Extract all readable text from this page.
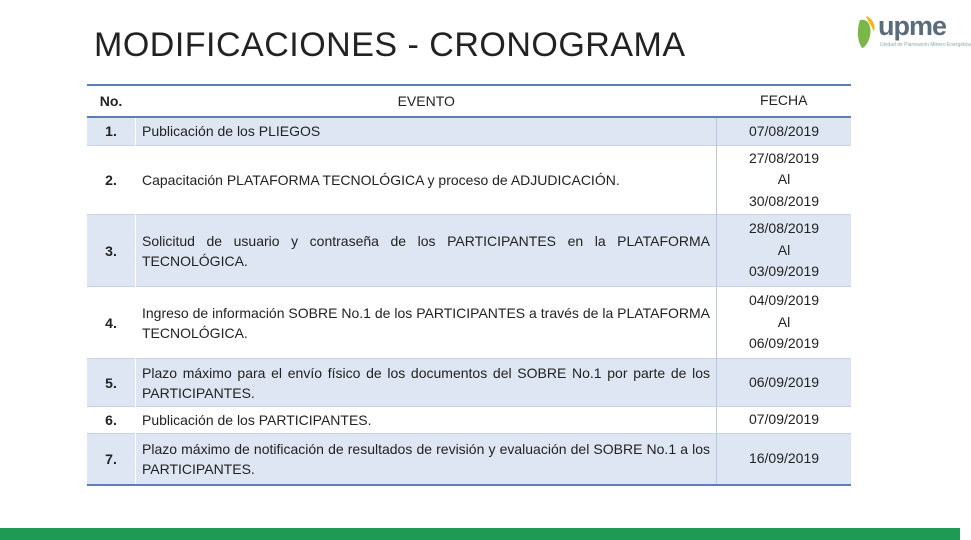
MODIFICACIONES - CRONOGRAMA	upme
Unidad de Planeación Minero Energética
No.	EVENTO	FECHA
1.	Publicación de los PLIEGOS	07/08/2019

2.	Capacitación PLATAFORMA TECNOLÓGICA y proceso de ADJUDICACIÓN.	27/08/2019
Al
30/08/2019

3.	Solicitud de usuario y contraseña de los PARTICIPANTES en la PLATAFORMA TECNOLÓGICA.	28/08/2019
Al
03/09/2019

4.	Ingreso de información SOBRE No.1 de los PARTICIPANTES a través de la PLATAFORMA TECNOLÓGICA.	04/09/2019
Al
06/09/2019

5.	Plazo máximo para el envío físico de los documentos del SOBRE No.1 por parte de los PARTICIPANTES.	06/09/2019

6.	Publicación de los PARTICIPANTES.	07/09/2019

7.	Plazo máximo de notificación de resultados de revisión y evaluación del SOBRE No.1 a los PARTICIPANTES.	16/09/2019
